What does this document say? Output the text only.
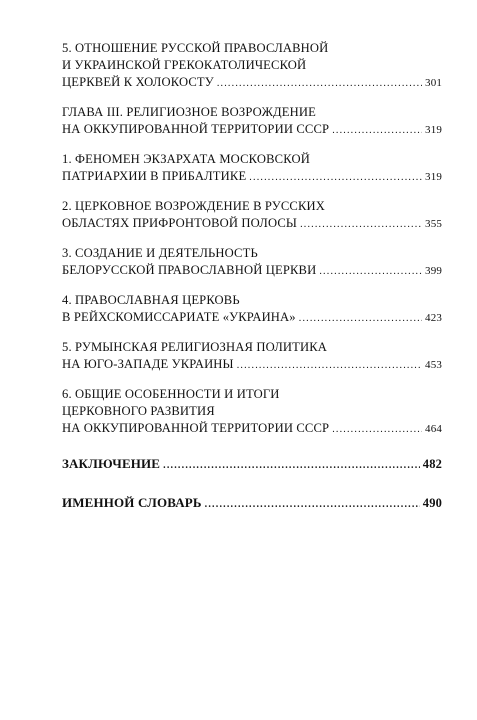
5. ОТНОШЕНИЕ РУССКОЙ ПРАВОСЛАВНОЙ
И УКРАИНСКОЙ ГРЕКОКАТОЛИЧЕСКОЙ
ЦЕРКВЕЙ К ХОЛОКОСТУ .....	301
ГЛАВА III. РЕЛИГИОЗНОЕ ВОЗРОЖДЕНИЕ
НА ОККУПИРОВАННОЙ ТЕРРИТОРИИ СССР .....	319
1. ФЕНОМЕН ЭКЗАРХАТА МОСКОВСКОЙ
ПАТРИАРХИИ В ПРИБАЛТИКЕ .....	319
2. ЦЕРКОВНОЕ ВОЗРОЖДЕНИЕ В РУССКИХ
ОБЛАСТЯХ ПРИФРОНТОВОЙ ПОЛОСЫ .....	355
3. СОЗДАНИЕ И ДЕЯТЕЛЬНОСТЬ
БЕЛОРУССКОЙ ПРАВОСЛАВНОЙ ЦЕРКВИ .....	399
4. ПРАВОСЛАВНАЯ ЦЕРКОВЬ
В РЕЙХСКОМИССАРИАТЕ «УКРАИНА» .....	423
5. РУМЫНСКАЯ РЕЛИГИОЗНАЯ ПОЛИТИКА
НА ЮГО-ЗАПАДЕ УКРАИНЫ .....	453
6. ОБЩИЕ ОСОБЕННОСТИ И ИТОГИ
ЦЕРКОВНОГО РАЗВИТИЯ
НА ОККУПИРОВАННОЙ ТЕРРИТОРИИ СССР .....	464
ЗАКЛЮЧЕНИЕ .....	482
ИМЕННОЙ СЛОВАРЬ .....	490
